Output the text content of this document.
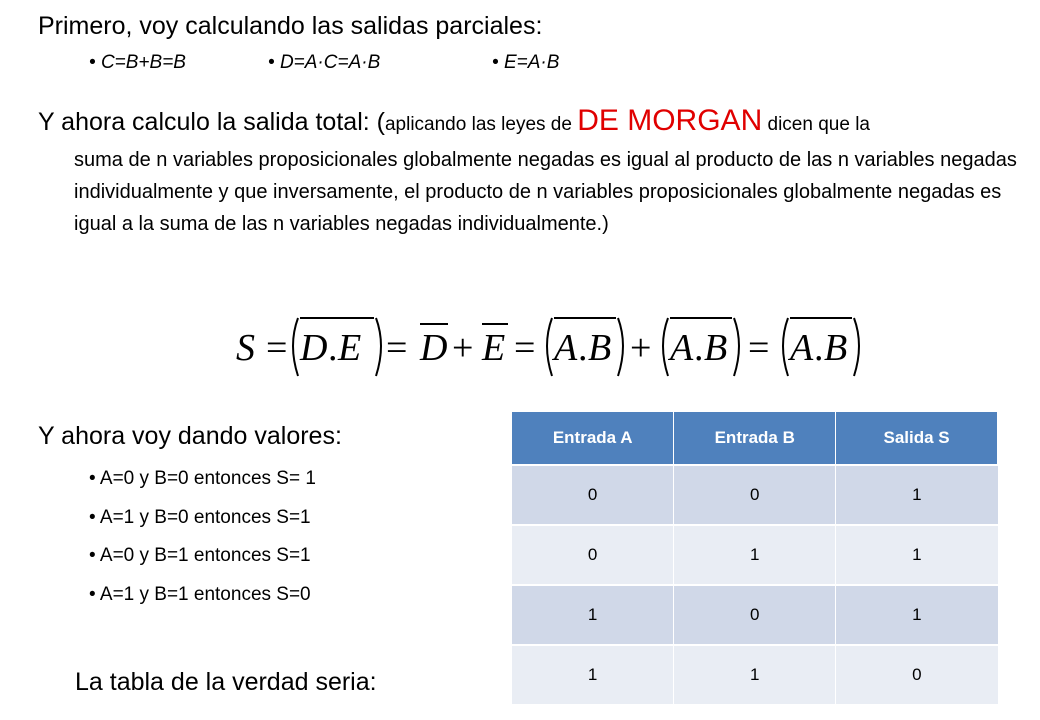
Primero, voy calculando las salidas parciales:
• C=B+B=B	• D=A·C=A·B	• E=A·B
Y ahora calculo la salida total: (aplicando las leyes de DE MORGAN dicen que la
suma de n variables proposicionales globalmente negadas es igual al producto de las n variables negadas individualmente y que inversamente, el producto de n variables proposicionales globalmente negadas es igual a la suma de las n variables negadas individualmente.)
S = D . E = D + E = A . B + A . B = A . B
Y ahora voy dando valores:
• A=0 y B=0 entonces S= 1
• A=1 y B=0 entonces S=1
• A=0 y B=1 entonces S=1
• A=1 y B=1 entonces S=0
La tabla de la verdad seria:
Entrada A	Entrada B	Salida S
0	0	1
0	1	1
1	0	1
1	1	0
